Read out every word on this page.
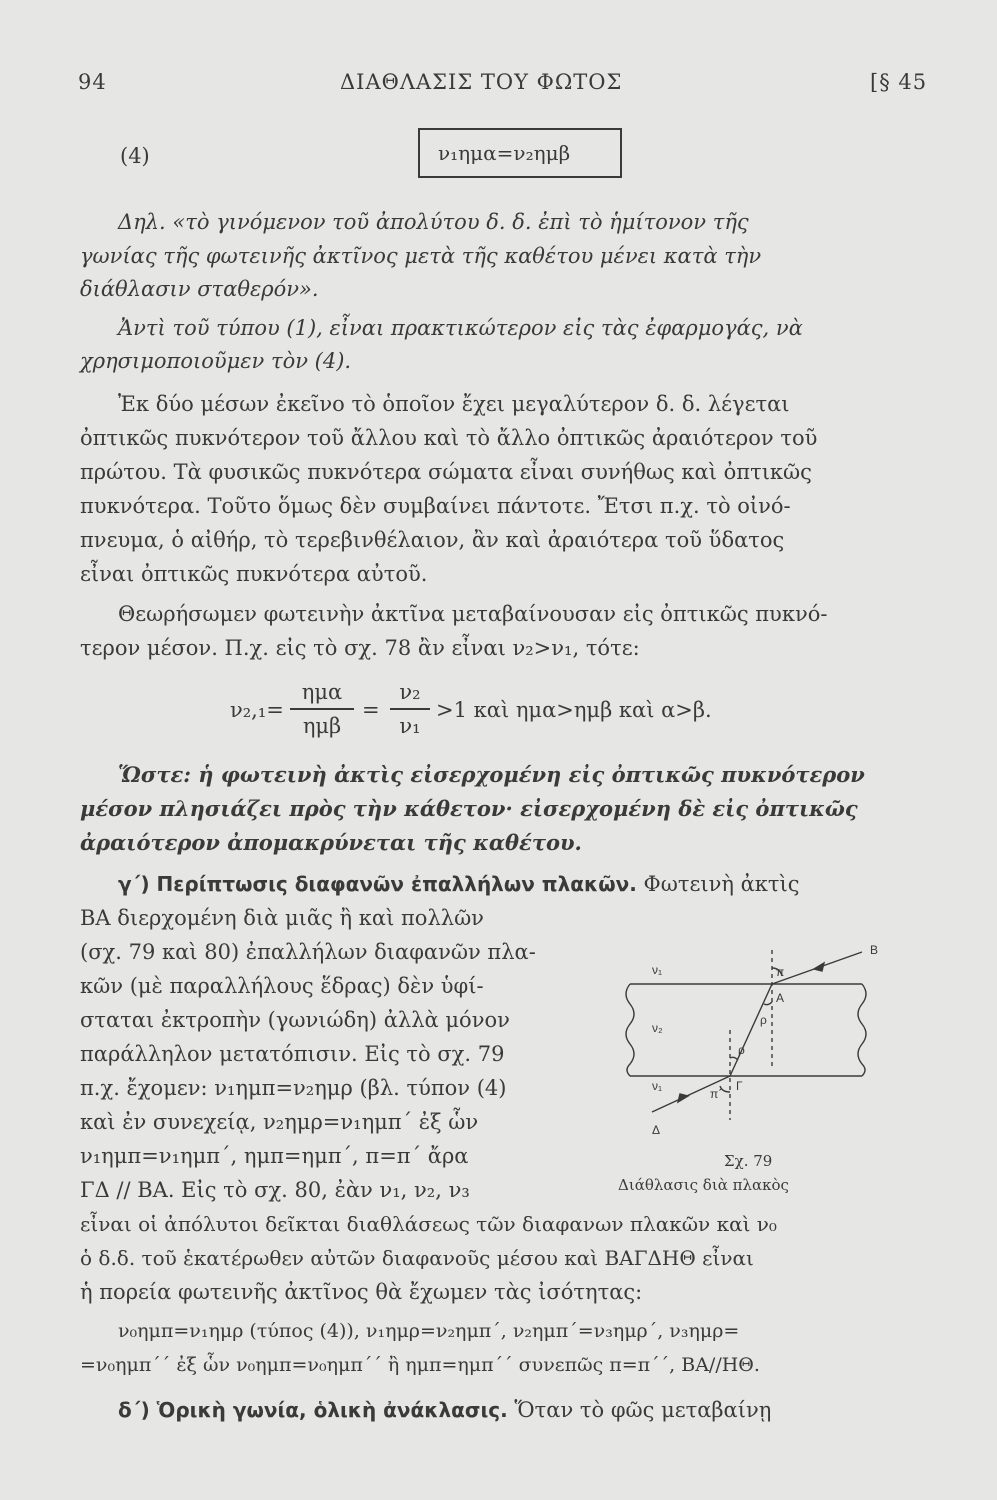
94	ΔΙΑΘΛΑΣΙΣ ΤΟΥ ΦΩΤΟΣ	[§ 45
(4)	ν₁ημα=ν₂ημβ
Δηλ. «τὸ γινόμενον τοῦ ἀπολύτου δ. δ. ἐπὶ τὸ ἡμίτονον τῆς
γωνίας τῆς φωτεινῆς ἀκτῖνος μετὰ τῆς καθέτου μένει κατὰ τὴν
διάθλασιν σταθερόν».
Ἀντὶ τοῦ τύπου (1), εἶναι πρακτικώτερον εἰς τὰς ἐφαρμογάς, νὰ
χρησιμοποιοῦμεν τὸν (4).
Ἐκ δύο μέσων ἐκεῖνο τὸ ὁποῖον ἔχει μεγαλύτερον δ. δ. λέγεται
ὀπτικῶς πυκνότερον τοῦ ἄλλου καὶ τὸ ἄλλο ὀπτικῶς ἀραιότερον τοῦ
πρώτου. Τὰ φυσικῶς πυκνότερα σώματα εἶναι συνήθως καὶ ὀπτικῶς
πυκνότερα. Τοῦτο ὅμως δὲν συμβαίνει πάντοτε. Ἔτσι π.χ. τὸ οἰνό-
πνευμα, ὁ αἰθήρ, τὸ τερεβινθέλαιον, ἂν καὶ ἀραιότερα τοῦ ὕδατος
εἶναι ὀπτικῶς πυκνότερα αὐτοῦ.
Θεωρήσωμεν φωτεινὴν ἀκτῖνα μεταβαίνουσαν εἰς ὀπτικῶς πυκνό-
τερον μέσον. Π.χ. εἰς τὸ σχ. 78 ἂν εἶναι ν₂>ν₁, τότε:
ν₂,₁=
ημα
ημβ
=
ν₂
ν₁
>1 καὶ ημα>ημβ καὶ α>β.
Ὥστε: ἡ φωτεινὴ ἀκτὶς εἰσερχομένη εἰς ὀπτικῶς πυκνότερον
μέσον πλησιάζει πρὸς τὴν κάθετον· εἰσερχομένη δὲ εἰς ὀπτικῶς
ἀραιότερον ἀπομακρύνεται τῆς καθέτου.
γ΄) Περίπτωσις διαφανῶν ἐπαλλήλων πλακῶν. Φωτεινὴ ἀκτὶς
ΒΑ διερχομένη διὰ μιᾶς ἢ καὶ πολλῶν
(σχ. 79 καὶ 80) ἐπαλλήλων διαφανῶν πλα-
κῶν (μὲ παραλλήλους ἕδρας) δὲν ὑφί-
σταται ἐκτροπὴν (γωνιώδη) ἀλλὰ μόνον
παράλληλον μετατόπισιν. Εἰς τὸ σχ. 79
π.χ. ἔχομεν: ν₁ημπ=ν₂ημρ (βλ. τύπον (4)
καὶ ἐν συνεχείᾳ, ν₂ημρ=ν₁ημπ΄ ἐξ ὧν
ν₁ημπ=ν₁ημπ΄, ημπ=ημπ΄, π=π΄ ἄρα
ΓΔ // ΒΑ. Εἰς τὸ σχ. 80, ἐὰν ν₁, ν₂, ν₃
εἶναι οἱ ἀπόλυτοι δεῖκται διαθλάσεως τῶν διαφανων πλακῶν καὶ ν₀
ὁ δ.δ. τοῦ ἑκατέρωθεν αὐτῶν διαφανοῦς μέσου καὶ ΒΑΓΔΗΘ εἶναι
ἡ πορεία φωτεινῆς ἀκτῖνος θὰ ἔχωμεν τὰς ἰσότητας:
ν₀ημπ=ν₁ημρ (τύπος (4)), ν₁ημρ=ν₂ημπ΄, ν₂ημπ΄=ν₃ημρ΄, ν₃ημρ=
=ν₀ημπ΄΄ ἐξ ὧν ν₀ημπ=ν₀ημπ΄΄ ἢ ημπ=ημπ΄΄ συνεπῶς π=π΄΄, ΒΑ//ΗΘ.
δ΄) Ὁρικὴ γωνία, ὁλικὴ ἀνάκλασις. Ὅταν τὸ φῶς μεταβαίνῃ
ν₁
ν₂
ν₁
B
A
Γ
Δ
π
ρ
ρ
π΄
Σχ. 79
Διάθλασις διὰ πλακὸς
